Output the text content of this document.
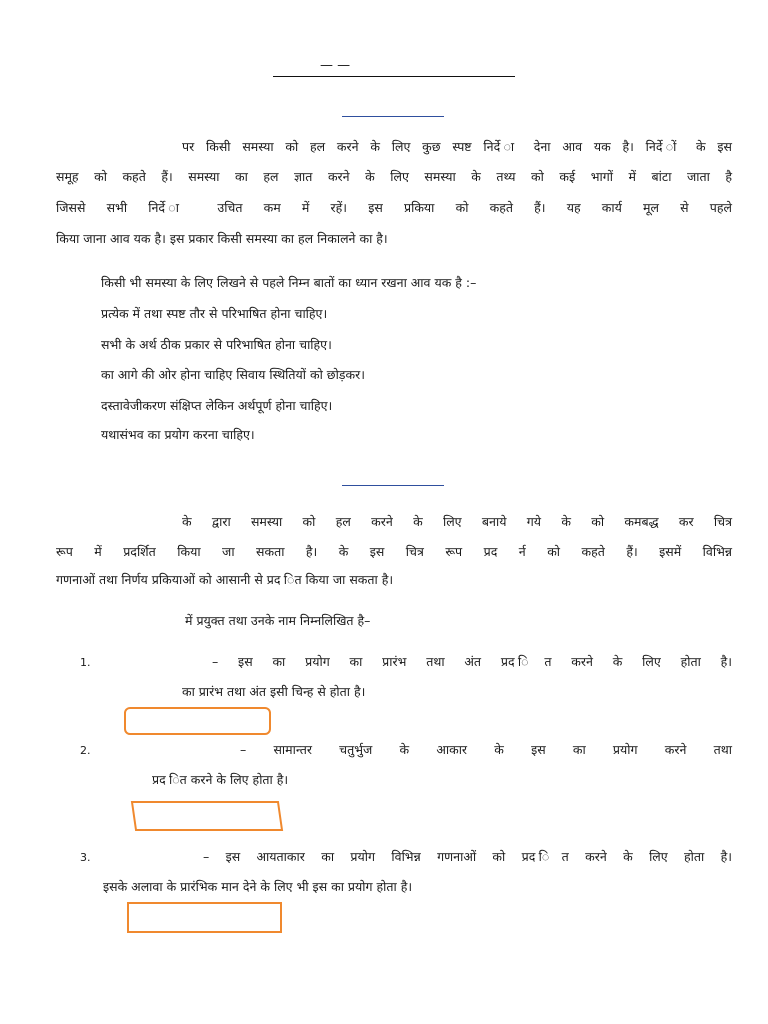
— —
पर किसी समस्या को हल करने के लिए कुछ स्पष्ट निर्दे ा देना आव यक है। निर्दे ों के इस
समूह को कहते हैं। समस्या का हल ज्ञात करने के लिए समस्या के तथ्य को कई भागों में बांटा जाता है
जिससे सभी निर्दे ा उचित कम में रहें। इस प्रकिया को कहते हैं। यह कार्य मूल से पहले
किया जाना आव यक है। इस प्रकार किसी समस्या का हल निकालने का है।
किसी भी समस्या के लिए लिखने से पहले निम्न बातों का ध्यान रखना आव यक है :–
प्रत्येक में तथा स्पष्ट तौर से परिभाषित होना चाहिए।
सभी के अर्थ ठीक प्रकार से परिभाषित होना चाहिए।
का आगे की ओर होना चाहिए सिवाय स्थितियों को छोड़कर।
दस्तावेजीकरण संक्षिप्त लेकिन अर्थपूर्ण होना चाहिए।
यथासंभव का प्रयोग करना चाहिए।
के द्वारा समस्या को हल करने के लिए बनाये गये के को कमबद्ध कर चित्र
रूप में प्रदर्शित किया जा सकता है। के इस चित्र रूप प्रद र्न को कहते हैं। इसमें विभिन्न
गणनाओं तथा निर्णय प्रकियाओं को आसानी से प्रद ित किया जा सकता है।
में प्रयुक्त तथा उनके नाम निम्नलिखित है–
1.	– इस का प्रयोग का प्रारंभ तथा अंत प्रद ित करने के लिए होता है।
का प्रारंभ तथा अंत इसी चिन्ह से होता है।
2.	– सामान्तर चतुर्भुज के आकार के इस का प्रयोग करने तथा
प्रद ित करने के लिए होता है।
3.	– इस आयताकार का प्रयोग विभिन्न गणनाओं को प्रद ित करने के लिए होता है।
इसके अलावा के प्रारंभिक मान देने के लिए भी इस का प्रयोग होता है।
